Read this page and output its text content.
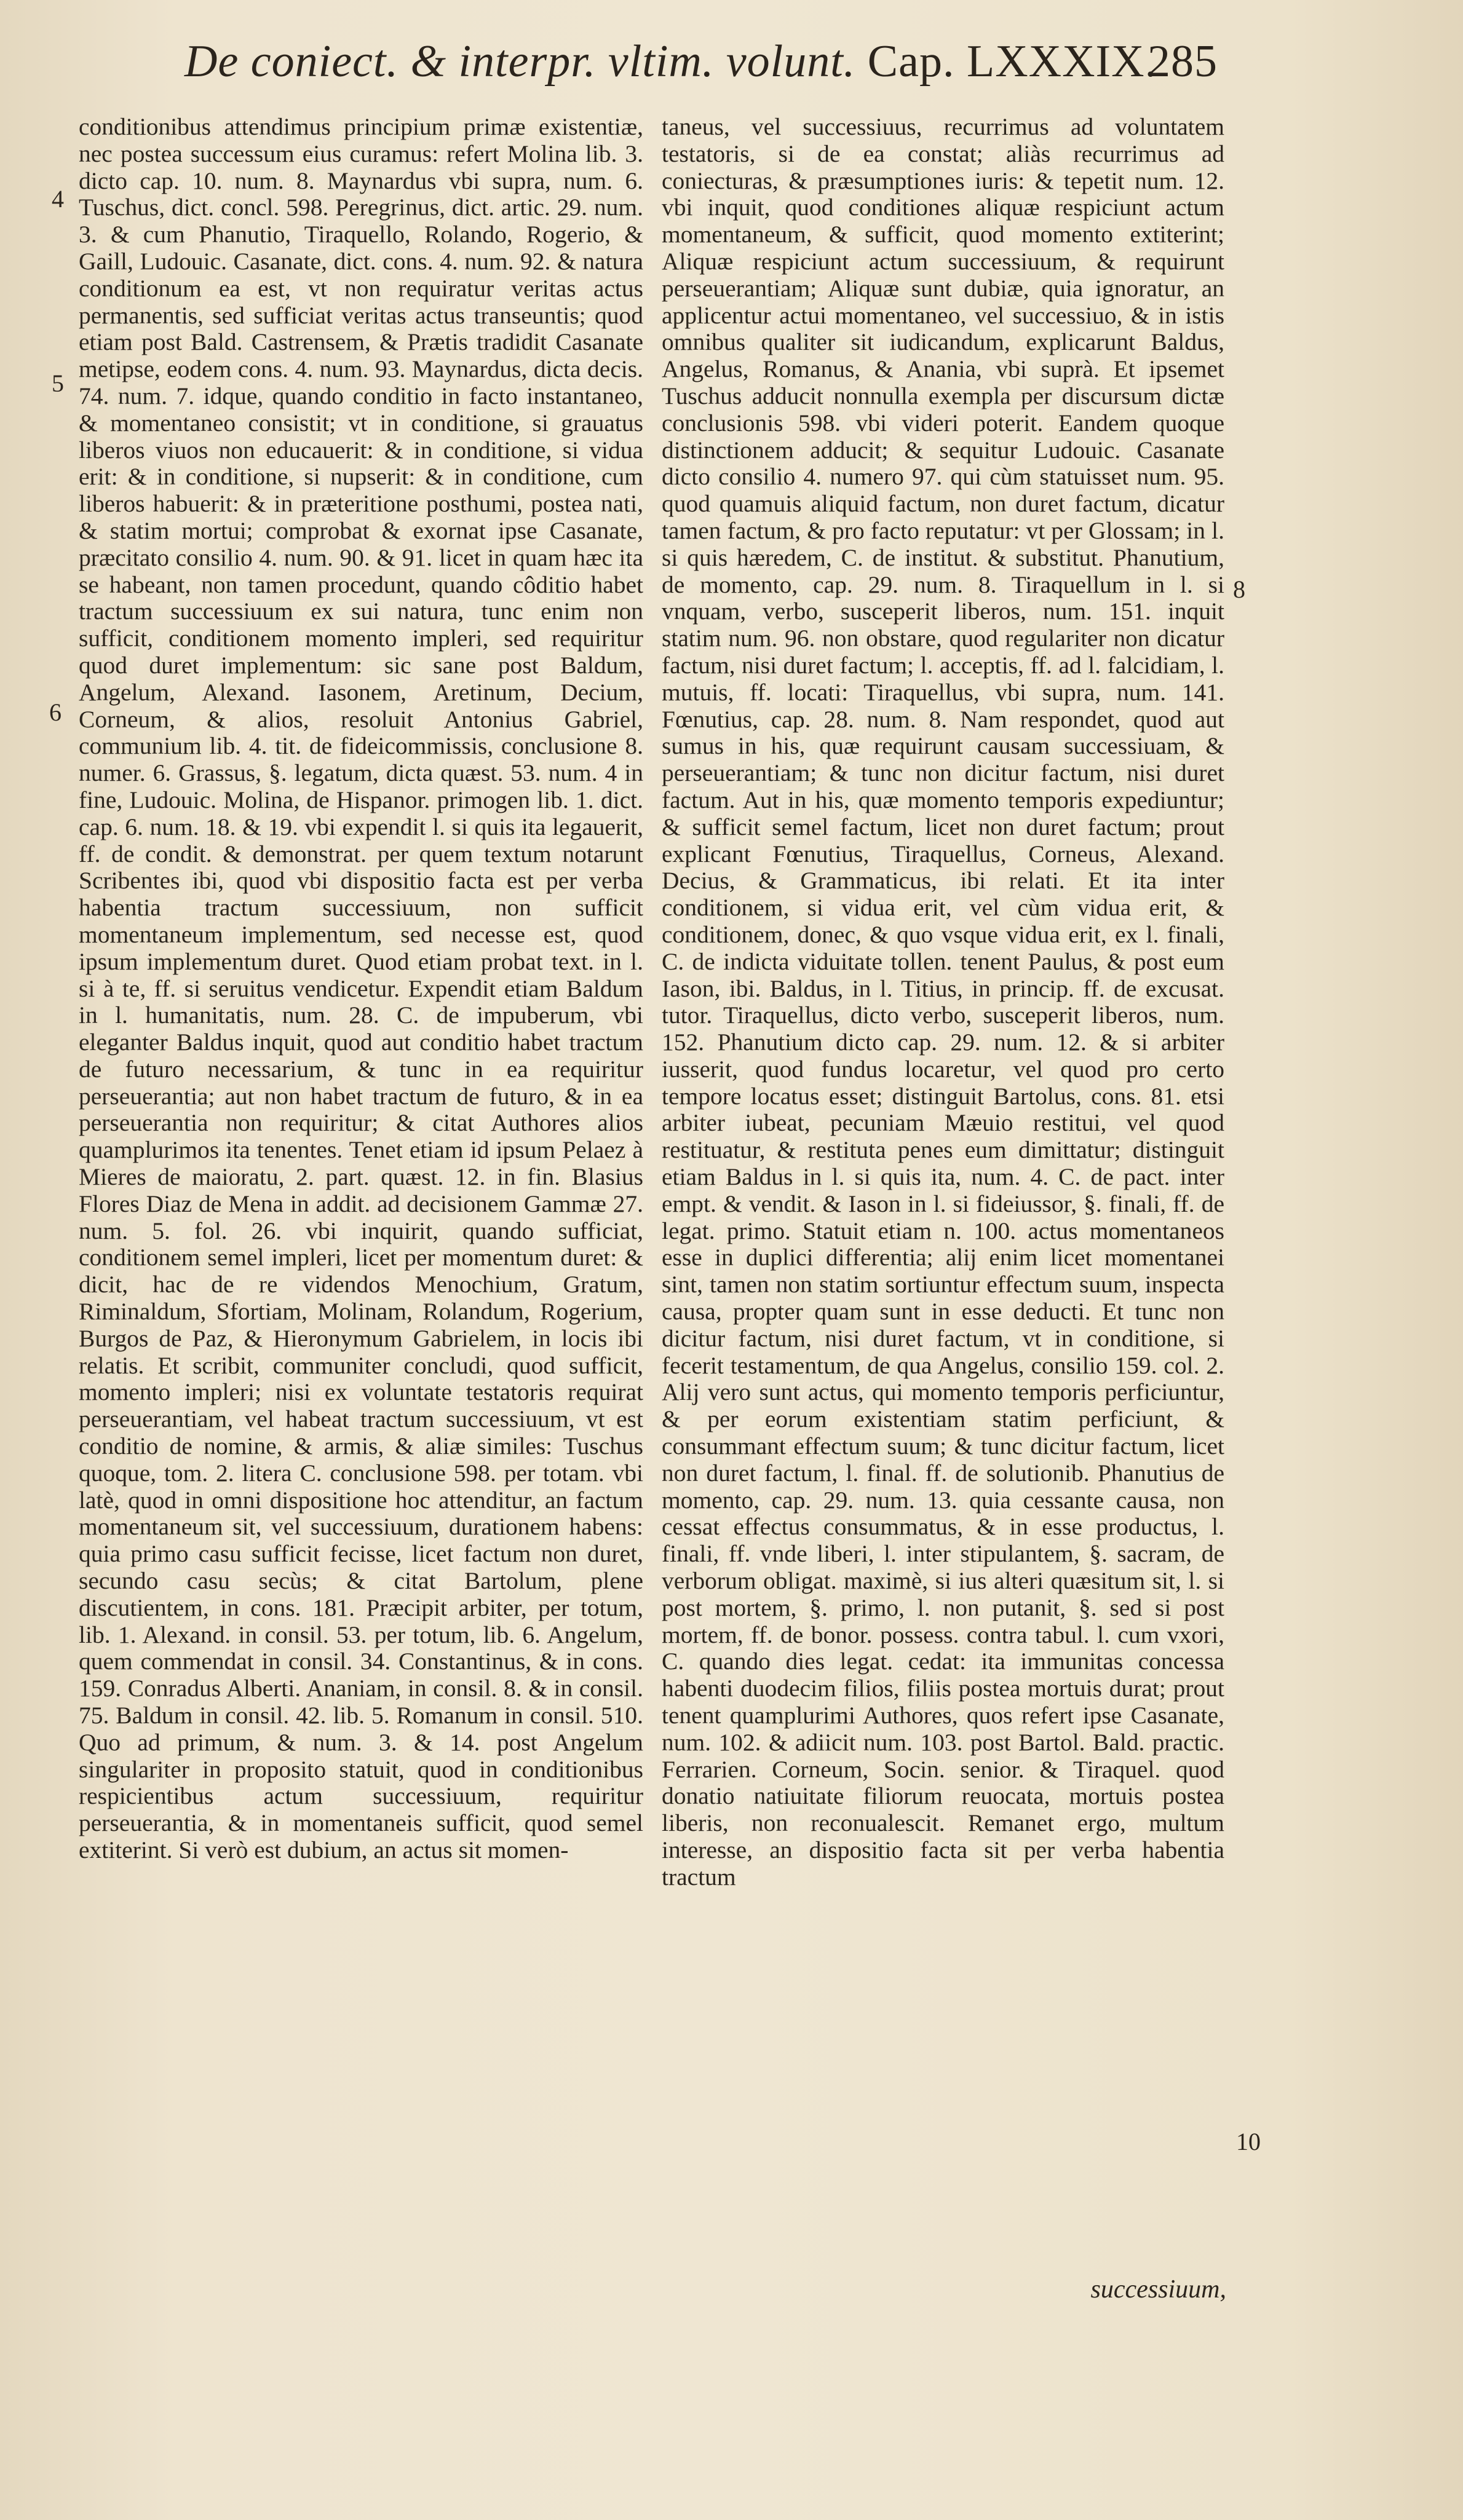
De coniect. & interpr. vltim. volunt. Cap. LXXXIX.
285
4
5
6
8
10

conditionibus attendimus principium primæ existentiæ, nec postea successum eius curamus: refert Molina lib. 3. dicto cap. 10. num. 8. Maynardus vbi supra, num. 6. Tuschus, dict. concl. 598. Peregrinus, dict. artic. 29. num. 3. & cum Phanutio, Tiraquello, Rolando, Rogerio, & Gaill, Ludouic. Casanate, dict. cons. 4. num. 92. & natura conditionum ea est, vt non requiratur veritas actus permanentis, sed sufficiat veritas actus transeuntis; quod etiam post Bald. Castrensem, & Prætis tradidit Casanate metipse, eodem cons. 4. num. 93. Maynardus, dicta decis. 74. num. 7. idque, quando conditio in facto instantaneo, & momentaneo consistit; vt in conditione, si grauatus liberos viuos non educauerit: & in conditione, si vidua erit: & in conditione, si nupserit: & in conditione, cum liberos habuerit: & in præteritione posthumi, postea nati, & statim mortui; comprobat & exornat ipse Casanate, præcitato consilio 4. num. 90. & 91. licet in quam hæc ita se habeant, non tamen procedunt, quando côditio habet tractum successiuum ex sui natura, tunc enim non sufficit, conditionem momento impleri, sed requiritur quod duret implementum: sic sane post Baldum, Angelum, Alexand. Iasonem, Aretinum, Decium, Corneum, & alios, resoluit Antonius Gabriel, communium lib. 4. tit. de fideicommissis, conclusione 8. numer. 6. Grassus, §. legatum, dicta quæst. 53. num. 4 in fine, Ludouic. Molina, de Hispanor. primogen lib. 1. dict. cap. 6. num. 18. & 19. vbi expendit l. si quis ita legauerit, ff. de condit. & demonstrat. per quem textum notarunt Scribentes ibi, quod vbi dispositio facta est per verba habentia tractum successiuum, non sufficit momentaneum implementum, sed necesse est, quod ipsum implementum duret. Quod etiam probat text. in l. si à te, ff. si seruitus vendicetur. Expendit etiam Baldum in l. humanitatis, num. 28. C. de impuberum, vbi eleganter Baldus inquit, quod aut conditio habet tractum de futuro necessarium, & tunc in ea requiritur perseuerantia; aut non habet tractum de futuro, & in ea perseuerantia non requiritur; & citat Authores alios quamplurimos ita tenentes. Tenet etiam id ipsum Pelaez à Mieres de maioratu, 2. part. quæst. 12. in fin. Blasius Flores Diaz de Mena in addit. ad decisionem Gammæ 27. num. 5. fol. 26. vbi inquirit, quando sufficiat, conditionem semel impleri, licet per momentum duret: & dicit, hac de re videndos Menochium, Gratum, Riminaldum, Sfortiam, Molinam, Rolandum, Rogerium, Burgos de Paz, & Hieronymum Gabrielem, in locis ibi relatis. Et scribit, communiter concludi, quod sufficit, momento impleri; nisi ex voluntate testatoris requirat perseuerantiam, vel habeat tractum successiuum, vt est conditio de nomine, & armis, & aliæ similes: Tuschus quoque, tom. 2. litera C. conclusione 598. per totam. vbi latè, quod in omni dispositione hoc attenditur, an factum momentaneum sit, vel successiuum, durationem habens: quia primo casu sufficit fecisse, licet factum non duret, secundo casu secùs; & citat Bartolum, plene discutientem, in cons. 181. Præcipit arbiter, per totum, lib. 1. Alexand. in consil. 53. per totum, lib. 6. Angelum, quem commendat in consil. 34. Constantinus, & in cons. 159. Conradus Alberti. Ananiam, in consil. 8. & in consil. 75. Baldum in consil. 42. lib. 5. Romanum in consil. 510. Quo ad primum, & num. 3. & 14. post Angelum singulariter in proposito statuit, quod in conditionibus respicientibus actum successiuum, requiritur perseuerantia, & in momentaneis sufficit, quod semel extiterint. Si verò est dubium, an actus sit momen-

taneus, vel successiuus, recurrimus ad voluntatem testatoris, si de ea constat; aliàs recurrimus ad coniecturas, & præsumptiones iuris: & tepetit num. 12. vbi inquit, quod conditiones aliquæ respiciunt actum momentaneum, & sufficit, quod momento extiterint; Aliquæ respiciunt actum successiuum, & requirunt perseuerantiam; Aliquæ sunt dubiæ, quia ignoratur, an applicentur actui momentaneo, vel successiuo, & in istis omnibus qualiter sit iudicandum, explicarunt Baldus, Angelus, Romanus, & Anania, vbi suprà. Et ipsemet Tuschus adducit nonnulla exempla per discursum dictæ conclusionis 598. vbi videri poterit. Eandem quoque distinctionem adducit; & sequitur Ludouic. Casanate dicto consilio 4. numero 97. qui cùm statuisset num. 95. quod quamuis aliquid factum, non duret factum, dicatur tamen factum, & pro facto reputatur: vt per Glossam; in l. si quis hæredem, C. de institut. & substitut. Phanutium, de momento, cap. 29. num. 8. Tiraquellum in l. si vnquam, verbo, susceperit liberos, num. 151. inquit statim num. 96. non obstare, quod regulariter non dicatur factum, nisi duret factum; l. acceptis, ff. ad l. falcidiam, l. mutuis, ff. locati: Tiraquellus, vbi supra, num. 141. Fœnutius, cap. 28. num. 8. Nam respondet, quod aut sumus in his, quæ requirunt causam successiuam, & perseuerantiam; & tunc non dicitur factum, nisi duret factum. Aut in his, quæ momento temporis expediuntur; & sufficit semel factum, licet non duret factum; prout explicant Fœnutius, Tiraquellus, Corneus, Alexand. Decius, & Grammaticus, ibi relati. Et ita inter conditionem, si vidua erit, vel cùm vidua erit, & conditionem, donec, & quo vsque vidua erit, ex l. finali, C. de indicta viduitate tollen. tenent Paulus, & post eum Iason, ibi. Baldus, in l. Titius, in princip. ff. de excusat. tutor. Tiraquellus, dicto verbo, susceperit liberos, num. 152. Phanutium dicto cap. 29. num. 12. & si arbiter iusserit, quod fundus locaretur, vel quod pro certo tempore locatus esset; distinguit Bartolus, cons. 81. etsi arbiter iubeat, pecuniam Mæuio restitui, vel quod restituatur, & restituta penes eum dimittatur; distinguit etiam Baldus in l. si quis ita, num. 4. C. de pact. inter empt. & vendit. & Iason in l. si fideiussor, §. finali, ff. de legat. primo. Statuit etiam n. 100. actus momentaneos esse in duplici differentia; alij enim licet momentanei sint, tamen non statim sortiuntur effectum suum, inspecta causa, propter quam sunt in esse deducti. Et tunc non dicitur factum, nisi duret factum, vt in conditione, si fecerit testamentum, de qua Angelus, consilio 159. col. 2. Alij vero sunt actus, qui momento temporis perficiuntur, & per eorum existentiam statim perficiunt, & consummant effectum suum; & tunc dicitur factum, licet non duret factum, l. final. ff. de solutionib. Phanutius de momento, cap. 29. num. 13. quia cessante causa, non cessat effectus consummatus, & in esse productus, l. finali, ff. vnde liberi, l. inter stipulantem, §. sacram, de verborum obligat. maximè, si ius alteri quæsitum sit, l. si post mortem, §. primo, l. non putanit, §. sed si post mortem, ff. de bonor. possess. contra tabul. l. cum vxori, C. quando dies legat. cedat: ita immunitas concessa habenti duodecim filios, filiis postea mortuis durat; prout tenent quamplurimi Authores, quos refert ipse Casanate, num. 102. & adiicit num. 103. post Bartol. Bald. practic. Ferrarien. Corneum, Socin. senior. & Tiraquel. quod donatio natiuitate filiorum reuocata, mortuis postea liberis, non reconualescit. Remanet ergo, multum interesse, an dispositio facta sit per verba habentia tractum

successiuum,
